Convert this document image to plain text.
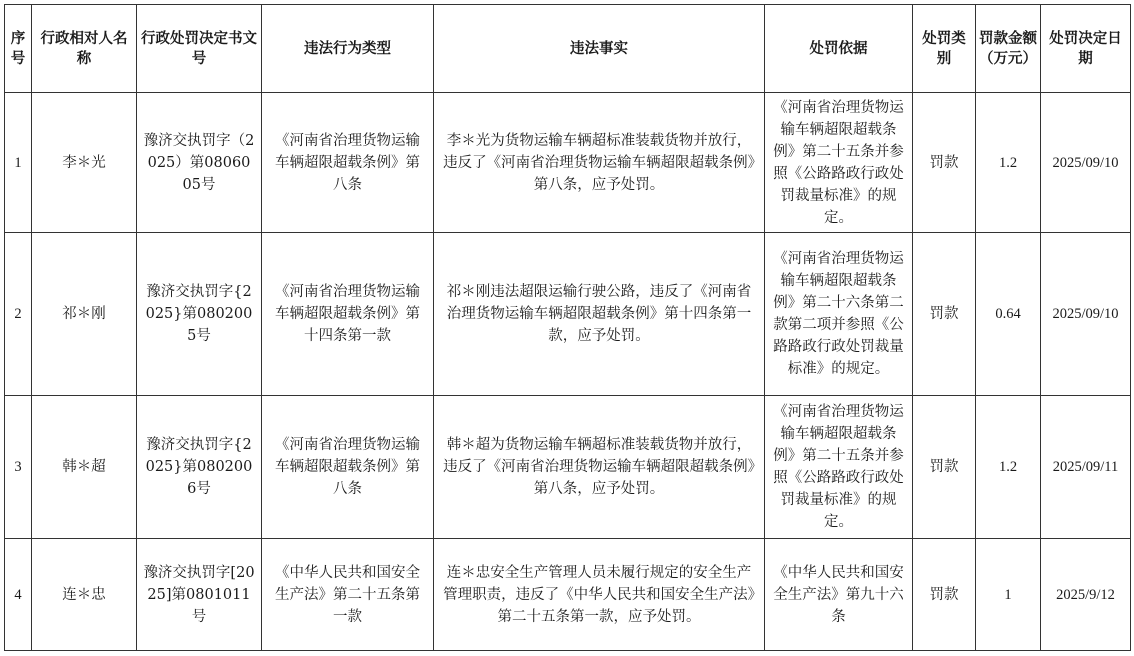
序号	行政相对人名称	行政处罚决定书文号	违法行为类型	违法事实	处罚依据	处罚类别	罚款金额（万元）	处罚决定日期
1	李＊光	豫济交执罚字（2025）第0806005号	《河南省治理货物运输车辆超限超载条例》第八条	李＊光为货物运输车辆超标准装载货物并放行，违反了《河南省治理货物运输车辆超限超载条例》第八条，应予处罚。	《河南省治理货物运输车辆超限超载条例》第二十五条并参照《公路路政行政处罚裁量标准》的规定。	罚款	1.2	2025/09/10
2	祁＊刚	豫济交执罚字{2025}第0802005号	《河南省治理货物运输车辆超限超载条例》第十四条第一款	祁＊刚违法超限运输行驶公路，违反了《河南省治理货物运输车辆超限超载条例》第十四条第一款，应予处罚。	《河南省治理货物运输车辆超限超载条例》第二十六条第二款第二项并参照《公路路政行政处罚裁量标准》的规定。	罚款	0.64	2025/09/10
3	韩＊超	豫济交执罚字{2025}第0802006号	《河南省治理货物运输车辆超限超载条例》第八条	韩＊超为货物运输车辆超标准装载货物并放行，违反了《河南省治理货物运输车辆超限超载条例》第八条，应予处罚。	《河南省治理货物运输车辆超限超载条例》第二十五条并参照《公路路政行政处罚裁量标准》的规定。	罚款	1.2	2025/09/11
4	连＊忠	豫济交执罚字[2025]第0801011号	《中华人民共和国安全生产法》第二十五条第一款	连＊忠安全生产管理人员未履行规定的安全生产管理职责，违反了《中华人民共和国安全生产法》第二十五条第一款，应予处罚。	《中华人民共和国安全生产法》第九十六条	罚款	1	2025/9/12
